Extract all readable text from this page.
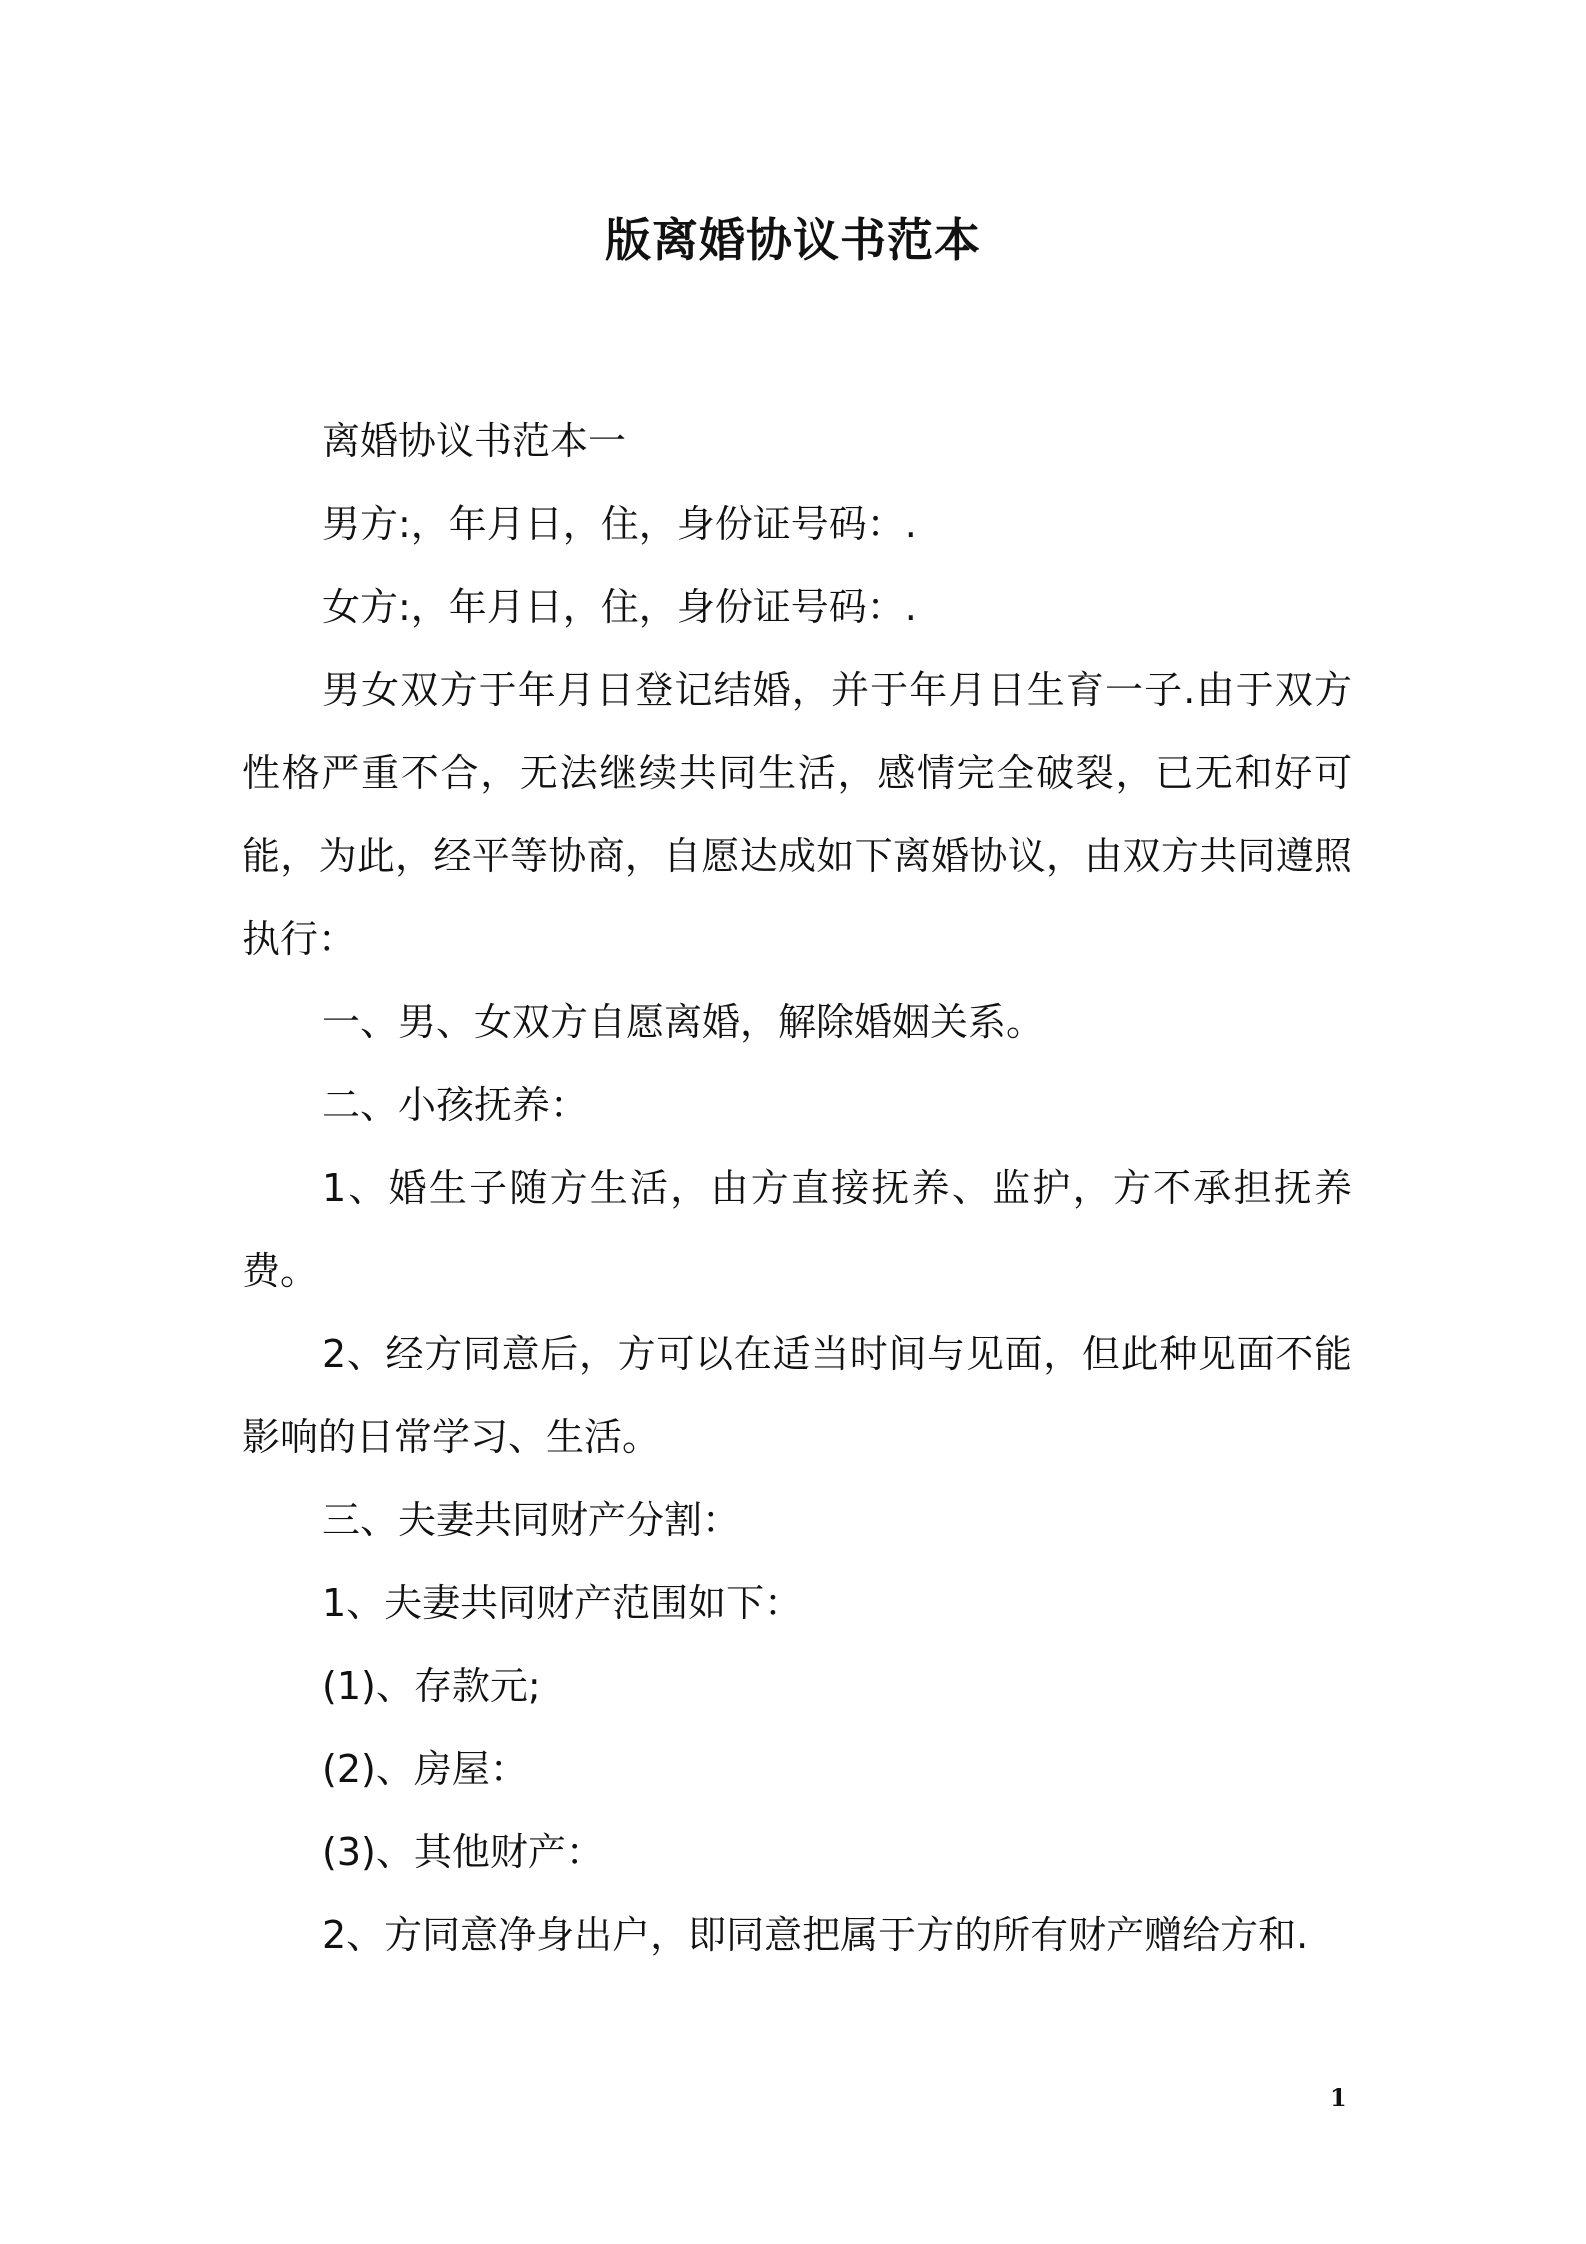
版离婚协议书范本

离婚协议书范本一

男方:，年月日，住，身份证号码：.

女方:，年月日，住，身份证号码：.

男女双方于年月日登记结婚，并于年月日生育一子.由于双方性格严重不合，无法继续共同生活，感情完全破裂，已无和好可能，为此，经平等协商，自愿达成如下离婚协议，由双方共同遵照执行：

一、男、女双方自愿离婚，解除婚姻关系。

二、小孩抚养：

1、婚生子随方生活，由方直接抚养、监护，方不承担抚养费。

2、经方同意后，方可以在适当时间与见面，但此种见面不能影响的日常学习、生活。

三、夫妻共同财产分割：

1、夫妻共同财产范围如下：

(1)、存款元;

(2)、房屋：

(3)、其他财产：

2、方同意净身出户，即同意把属于方的所有财产赠给方和.

1
